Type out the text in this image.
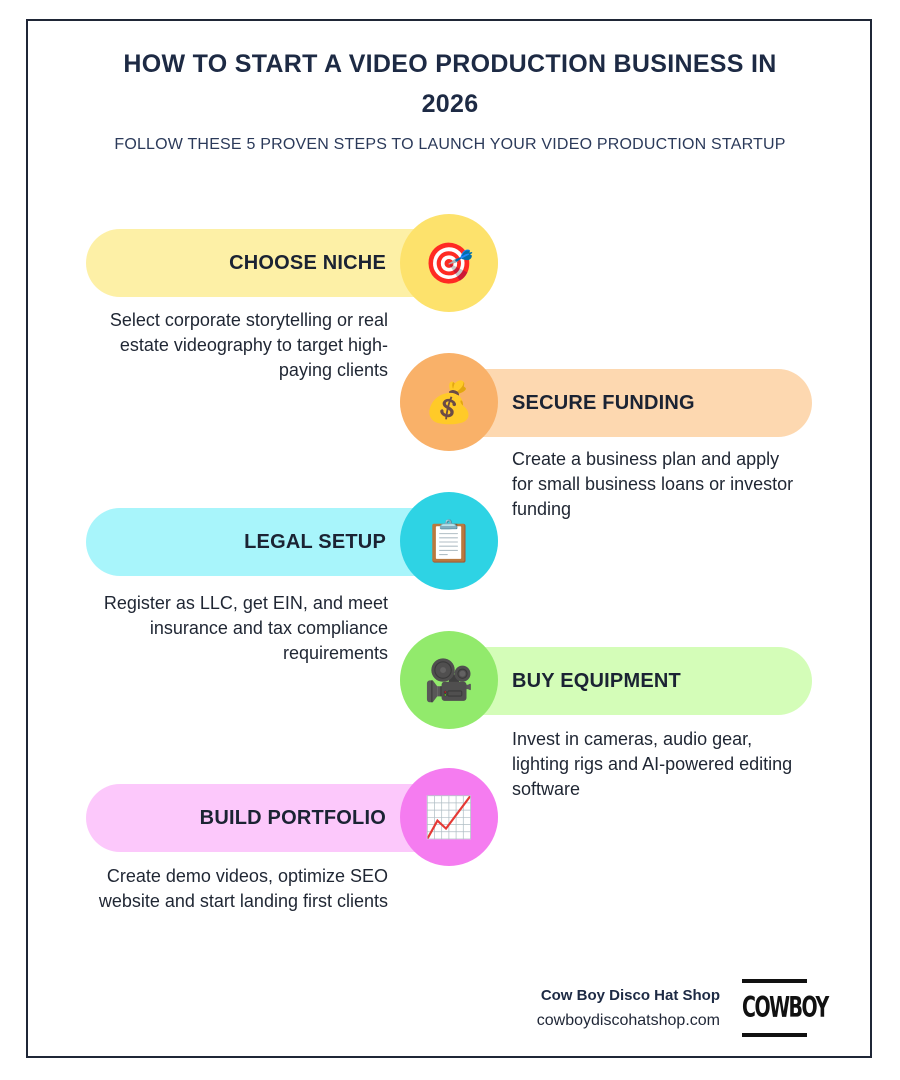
HOW TO START A VIDEO PRODUCTION BUSINESS IN 2026

FOLLOW THESE 5 PROVEN STEPS TO LAUNCH YOUR VIDEO PRODUCTION STARTUP

CHOOSE NICHE 🎯

Select corporate storytelling or real estate videography to target high-paying clients

SECURE FUNDING
💰

Create a business plan and apply for small business loans or investor funding

LEGAL SETUP 📋

Register as LLC, get EIN, and meet insurance and tax compliance requirements

BUY EQUIPMENT
🎥

Invest in cameras, audio gear, lighting rigs and AI-powered editing software

BUILD PORTFOLIO 📈

Create demo videos, optimize SEO website and start landing first clients

Cow Boy Disco Hat Shop
cowboydiscohatshop.com COWBOY
